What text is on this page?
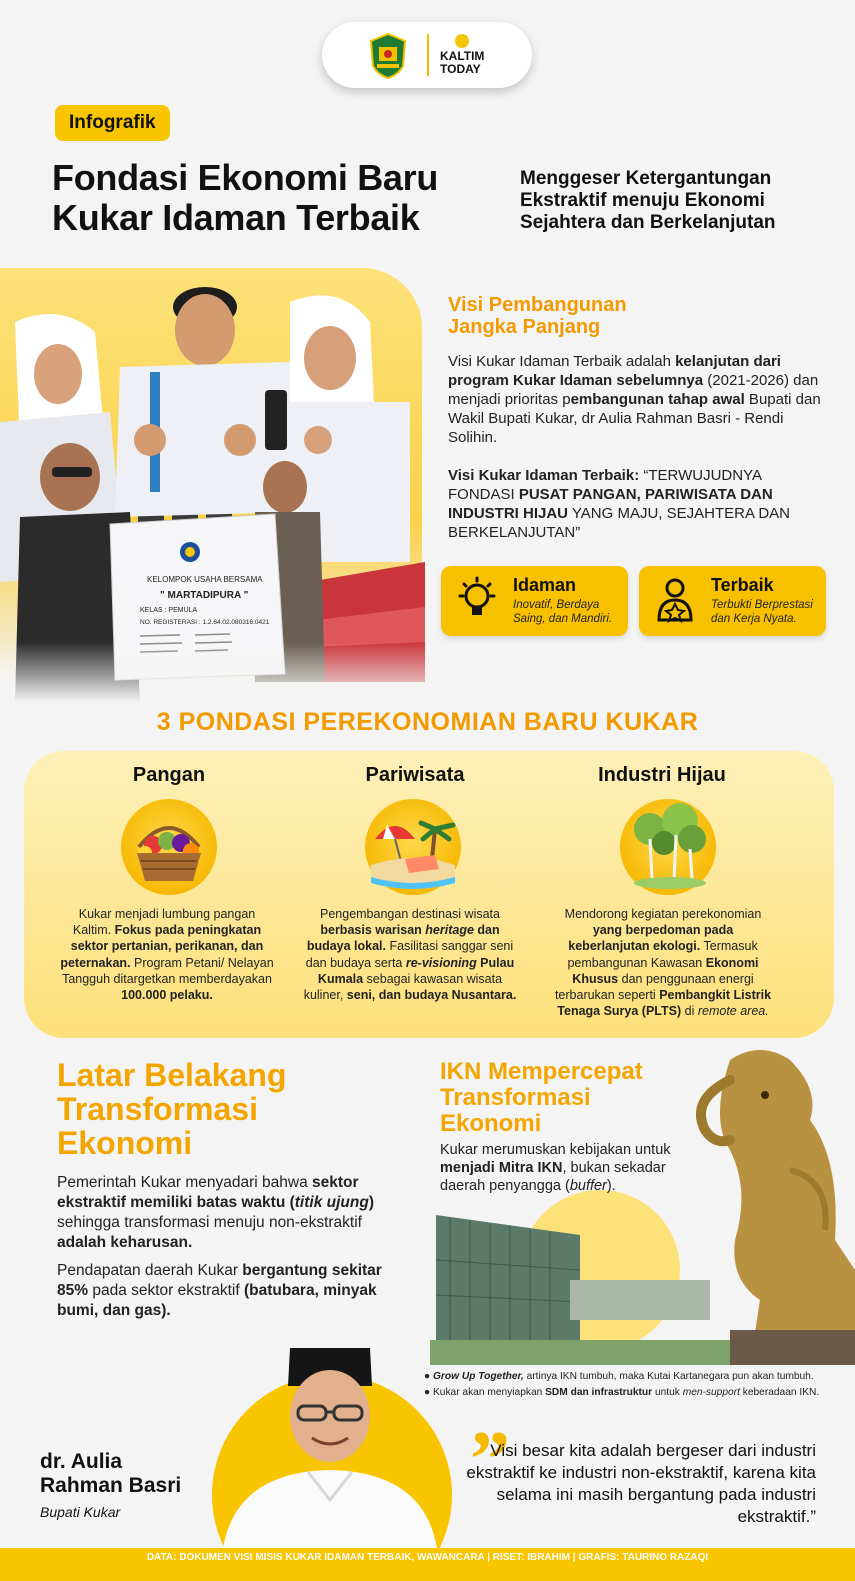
KALTIM
TODAY
Infografik
Fondasi Ekonomi Baru
Kukar Idaman Terbaik
Menggeser Ketergantungan
Ekstraktif menuju Ekonomi
Sejahtera dan Berkelanjutan
KELOMPOK USAHA BERSAMA
" MARTADIPURA "
KELAS : PEMULA
NO. REGISTERASI : 1.2.64.02.080316.0421
Visi Pembangunan
Jangka Panjang
Visi Kukar Idaman Terbaik adalah kelanjutan dari program Kukar Idaman sebelumnya (2021-2026) dan menjadi prioritas pembangunan tahap awal Bupati dan Wakil Bupati Kukar, dr Aulia Rahman Basri - Rendi Solihin.
Visi Kukar Idaman Terbaik: “TERWUJUDNYA FONDASI PUSAT PANGAN, PARIWISATA DAN INDUSTRI HIJAU YANG MAJU, SEJAHTERA DAN BERKELANJUTAN”
Idaman
Inovatif, Berdaya Saing, dan Mandiri.
Terbaik
Terbukti Berprestasi dan Kerja Nyata.
3 PONDASI PEREKONOMIAN BARU KUKAR
Pangan	Pariwisata	Industri Hijau
Kukar menjadi lumbung pangan Kaltim. Fokus pada peningkatan sektor pertanian, perikanan, dan peternakan. Program Petani/ Nelayan Tangguh ditargetkan memberdayakan 100.000 pelaku.
Pengembangan destinasi wisata berbasis warisan heritage dan budaya lokal. Fasilitasi sanggar seni dan budaya serta re-visioning Pulau Kumala sebagai kawasan wisata kuliner, seni, dan budaya Nusantara.
Mendorong kegiatan perekonomian yang berpedoman pada keberlanjutan ekologi. Termasuk pembangunan Kawasan Ekonomi Khusus dan penggunaan energi terbarukan seperti Pembangkit Listrik Tenaga Surya (PLTS) di remote area.
Latar Belakang
Transformasi
Ekonomi
Pemerintah Kukar menyadari bahwa sektor ekstraktif memiliki batas waktu (titik ujung) sehingga transformasi menuju non-ekstraktif adalah keharusan.
Pendapatan daerah Kukar bergantung sekitar 85% pada sektor ekstraktif (batubara, minyak bumi, dan gas).
IKN Mempercepat
Transformasi
Ekonomi
Kukar merumuskan kebijakan untuk menjadi Mitra IKN, bukan sekadar daerah penyangga (buffer).
● Grow Up Together, artinya IKN tumbuh, maka Kutai Kartanegara pun akan tumbuh.
● Kukar akan menyiapkan SDM dan infrastruktur untuk men-support keberadaan IKN.
dr. Aulia
Rahman Basri
Bupati Kukar
”
Visi besar kita adalah bergeser dari industri ekstraktif ke industri non-ekstraktif, karena kita selama ini masih bergantung pada industri ekstraktif.”
DATA: DOKUMEN VISI MISIS KUKAR IDAMAN TERBAIK, WAWANCARA | RISET: IBRAHIM | GRAFIS: TAURINO RAZAQI
